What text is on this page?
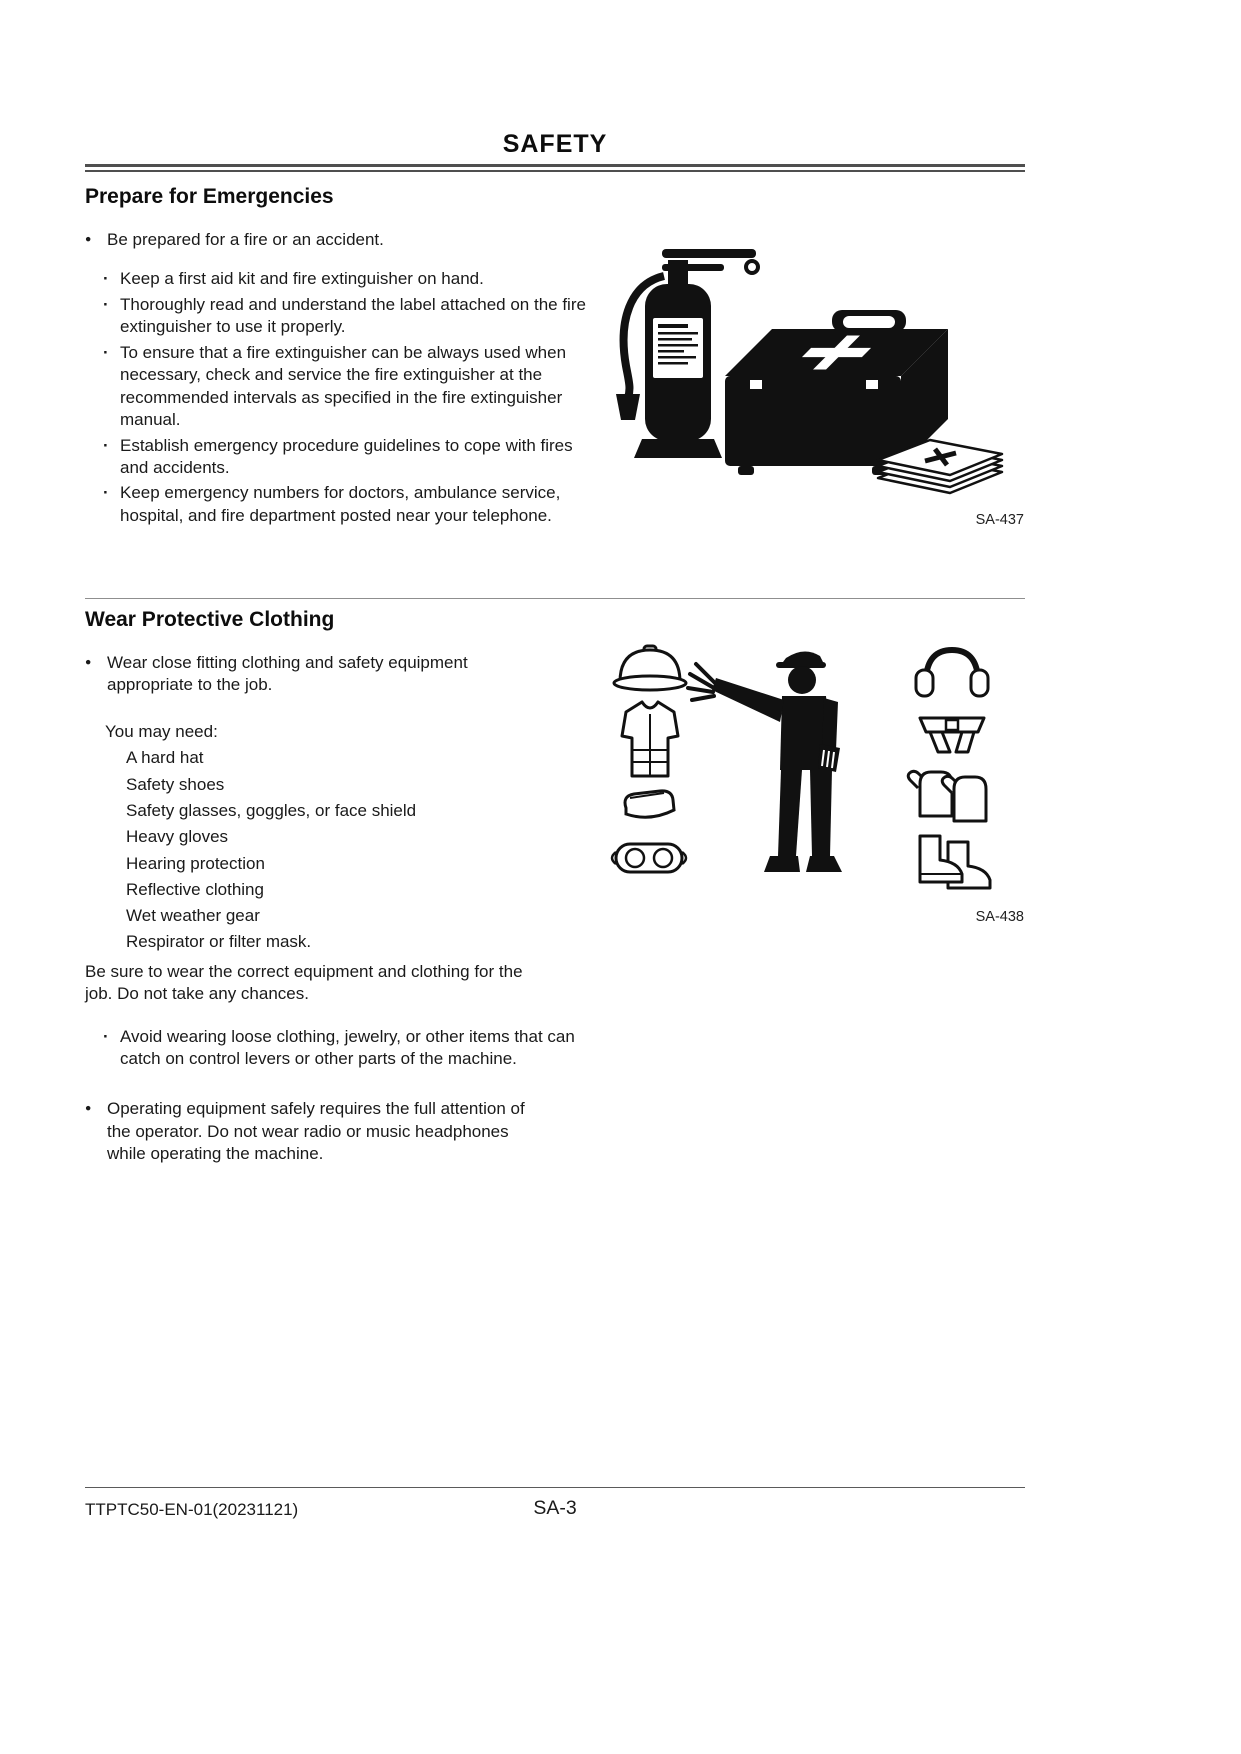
SAFETY
Prepare for Emergencies
● Be prepared for a fire or an accident.
· Keep a first aid kit and fire extinguisher on hand.
· Thoroughly read and understand the label attached on the fire extinguisher to use it properly.
· To ensure that a fire extinguisher can be always used when necessary, check and service the fire extinguisher at the recommended intervals as specified in the fire extinguisher manual.
· Establish emergency procedure guidelines to cope with fires and accidents.
· Keep emergency numbers for doctors, ambulance service, hospital, and fire department posted near your telephone.	SA-437
Wear Protective Clothing
● Wear close fitting clothing and safety equipment appropriate to the job.

You may need:

A hard hat
Safety shoes
Safety glasses, goggles, or face shield
Heavy gloves
Hearing protection
Reflective clothing
Wet weather gear
Respirator or filter mask.

Be sure to wear the correct equipment and clothing for the job. Do not take any chances.

· Avoid wearing loose clothing, jewelry, or other items that can catch on control levers or other parts of the machine.
● Operating equipment safely requires the full attention of the operator. Do not wear radio or music headphones while operating the machine.
SA-438
TTPTC50-EN-01(20231121)	SA-3
